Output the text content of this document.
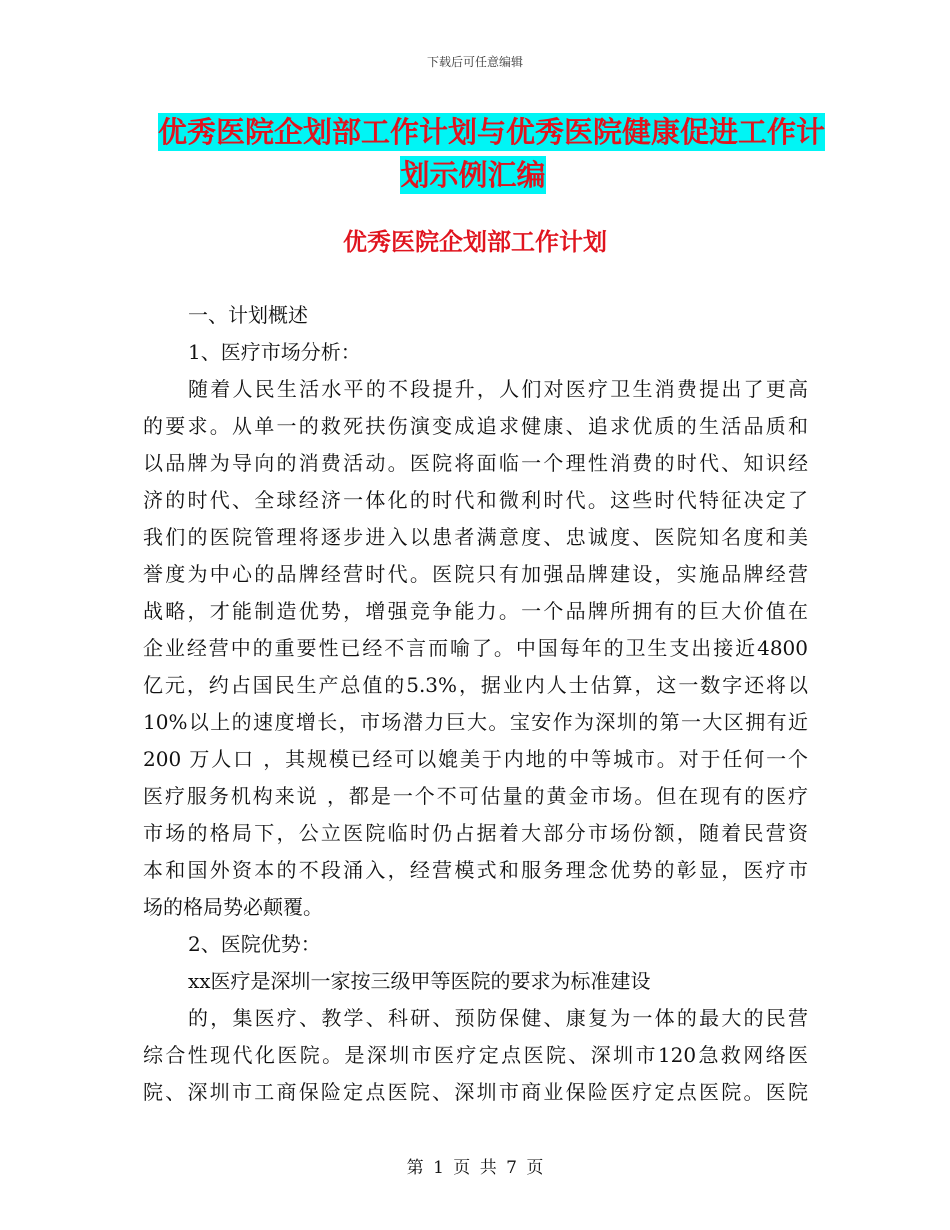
下载后可任意编辑
优秀医院企划部工作计划与优秀医院健康促进工作计
划示例汇编
优秀医院企划部工作计划
一、计划概述
1、医疗市场分析：
随着人民生活水平的不段提升，人们对医疗卫生消费提出了更高
的要求。从单一的救死扶伤演变成追求健康、追求优质的生活品质和
以品牌为导向的消费活动。医院将面临一个理性消费的时代、知识经
济的时代、全球经济一体化的时代和微利时代。这些时代特征决定了
我们的医院管理将逐步进入以患者满意度、忠诚度、医院知名度和美
誉度为中心的品牌经营时代。医院只有加强品牌建设，实施品牌经营
战略，才能制造优势，增强竞争能力。一个品牌所拥有的巨大价值在
企业经营中的重要性已经不言而喻了。中国每年的卫生支出接近4800
亿元，约占国民生产总值的5.3%，据业内人士估算，这一数字还将以
10%以上的速度增长，市场潜力巨大。宝安作为深圳的第一大区拥有近
200 万人口 ，其规模已经可以媲美于内地的中等城市。对于任何一个
医疗服务机构来说 ，都是一个不可估量的黄金市场。但在现有的医疗
市场的格局下，公立医院临时仍占据着大部分市场份额，随着民营资
本和国外资本的不段涌入，经营模式和服务理念优势的彰显，医疗市
场的格局势必颠覆。
2、医院优势：
xx医疗是深圳一家按三级甲等医院的要求为标准建设
的，集医疗、教学、科研、预防保健、康复为一体的最大的民营
综合性现代化医院。是深圳市医疗定点医院、深圳市120急救网络医
院、深圳市工商保险定点医院、深圳市商业保险医疗定点医院。医院
第 1 页 共 7 页
